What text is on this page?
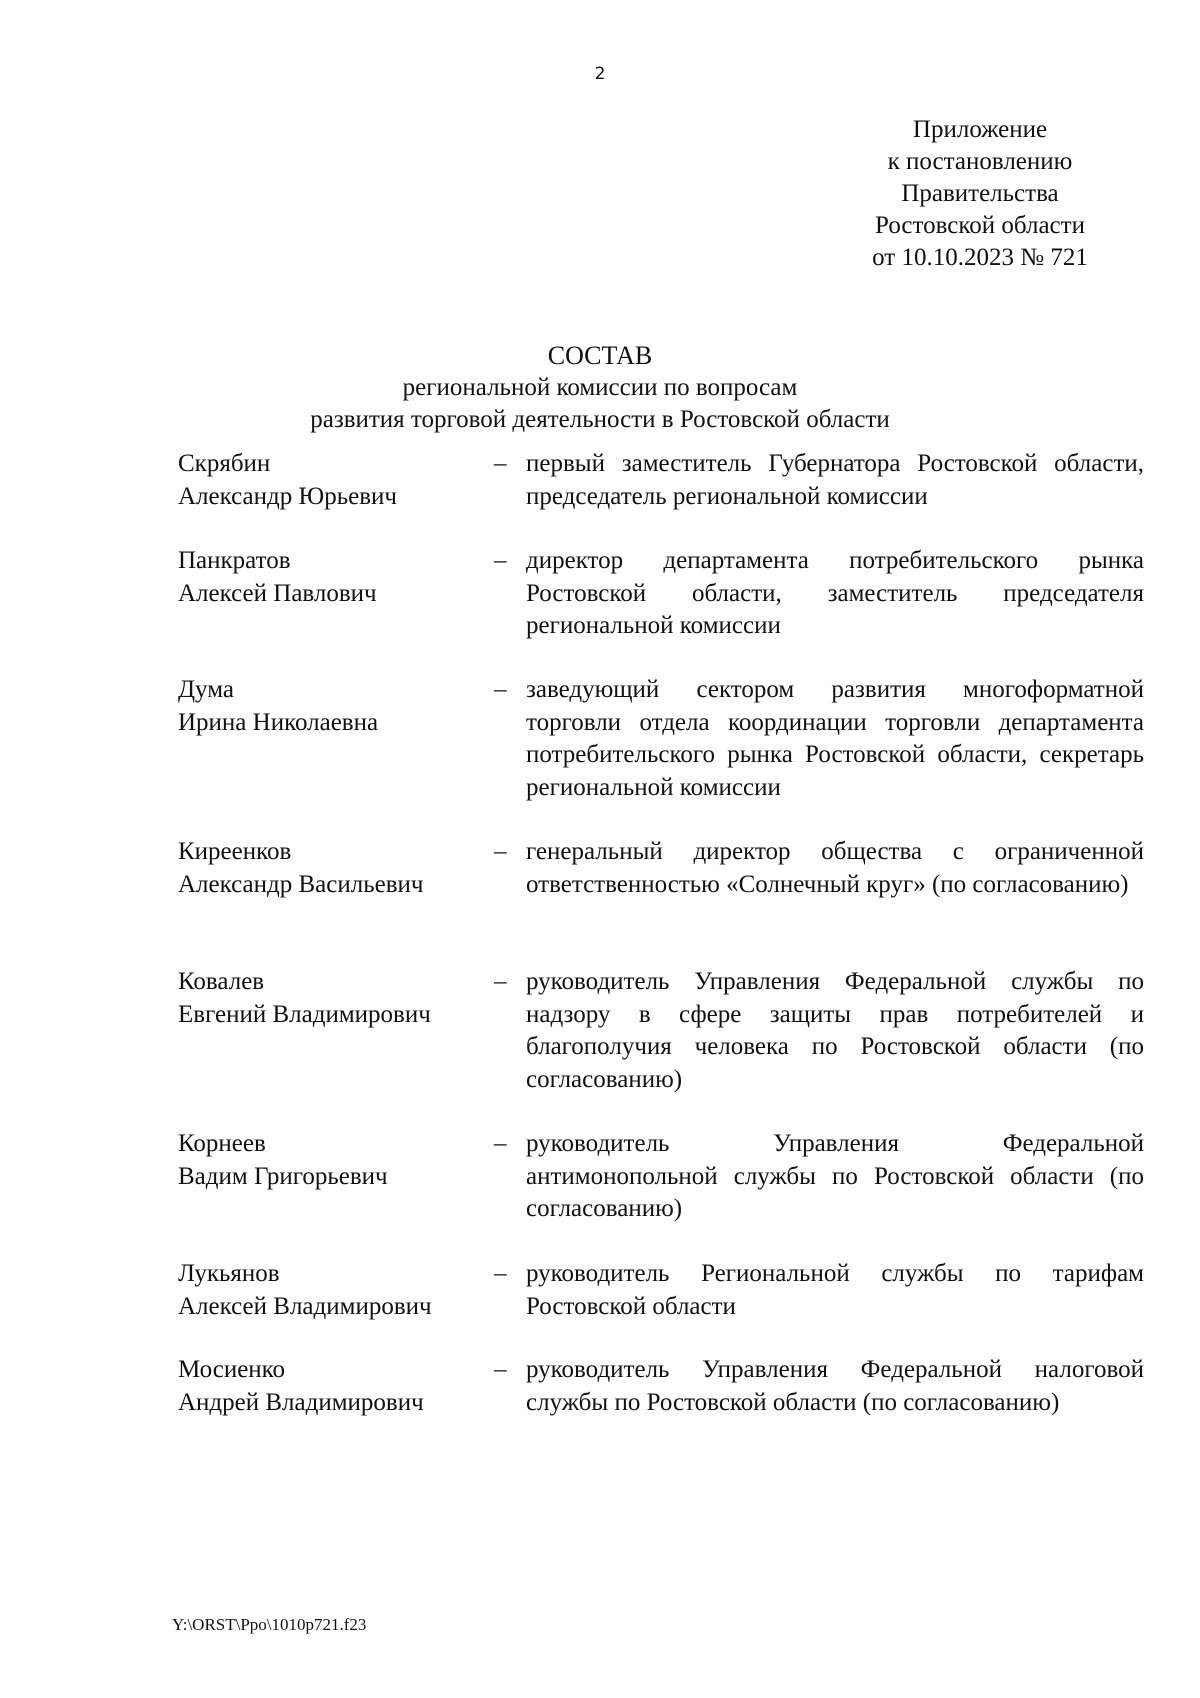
2
Приложение
к постановлению
Правительства
Ростовской области
от 10.10.2023 № 721
СОСТАВ
региональной комиссии по вопросам
развития торговой деятельности в Ростовской области
Скрябин
Александр Юрьевич
– первый заместитель Губернатора Ростовской области, председатель региональной комиссии
Панкратов
Алексей Павлович
– директор департамента потребительского рынка Ростовской области, заместитель председателя региональной комиссии
Дума
Ирина Николаевна
– заведующий сектором развития многоформатной торговли отдела координации торговли департамента потребительского рынка Ростовской области, секретарь региональной комиссии
Киреенков
Александр Васильевич
– генеральный директор общества с ограниченной ответственностью «Солнечный круг» (по согласованию)
Ковалев
Евгений Владимирович
– руководитель Управления Федеральной службы по надзору в сфере защиты прав потребителей и благополучия человека по Ростовской области (по согласованию)
Корнеев
Вадим Григорьевич
– руководитель Управления Федеральной антимонопольной службы по Ростовской области (по согласованию)
Лукьянов
Алексей Владимирович
– руководитель Региональной службы по тарифам Ростовской области
Мосиенко
Андрей Владимирович
– руководитель Управления Федеральной налоговой службы по Ростовской области (по согласованию)
Y:\ORST\Ppo\1010p721.f23
